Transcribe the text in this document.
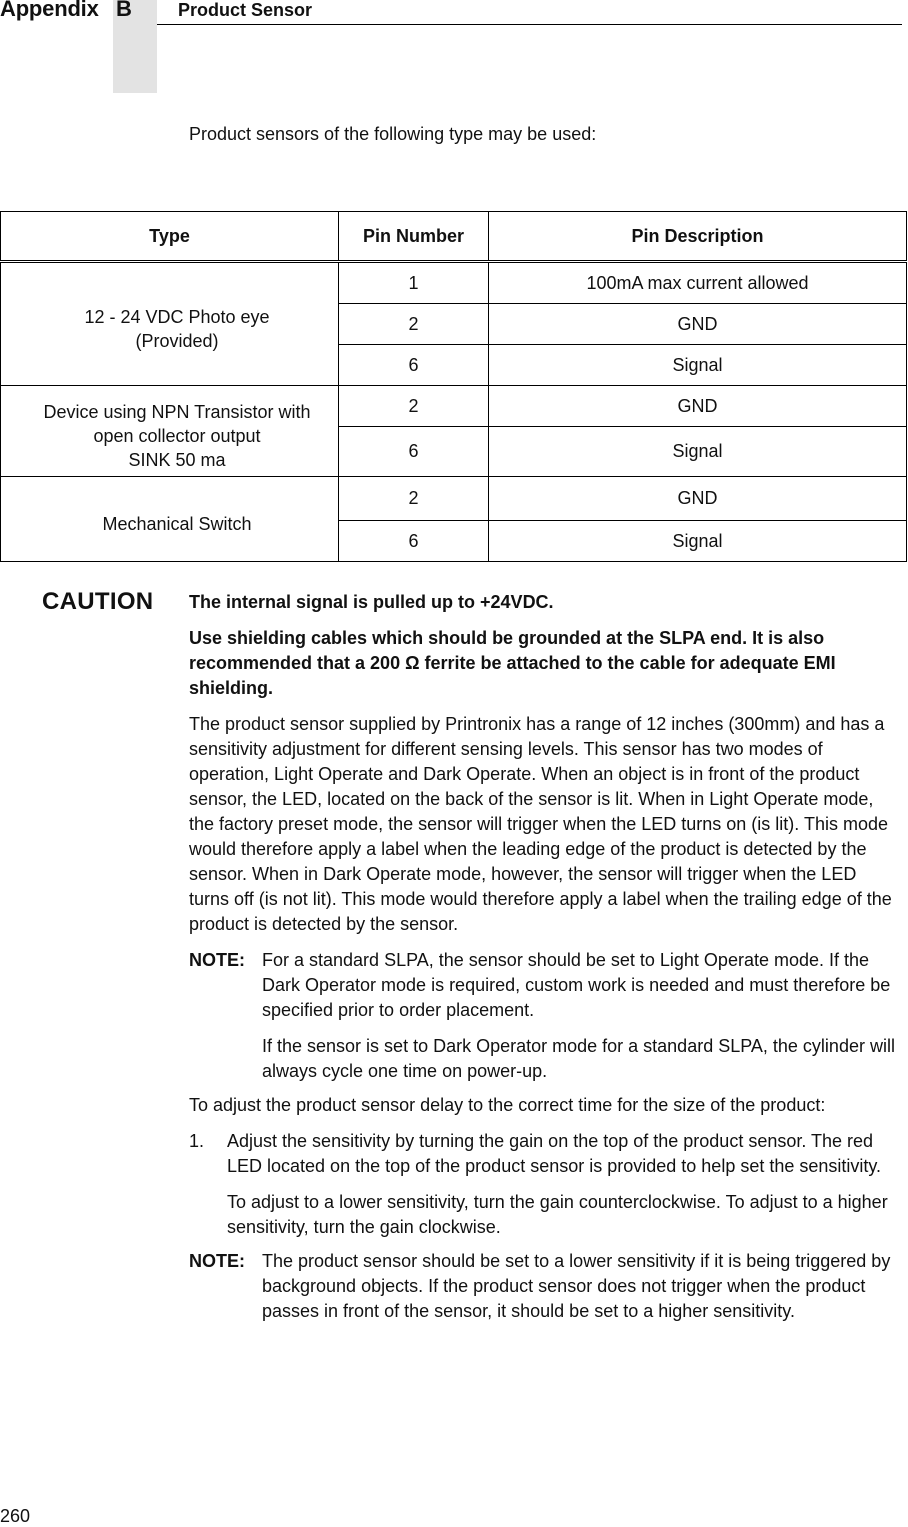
Appendix B	Product Sensor
Product sensors of the following type may be used:
Type	Pin Number	Pin Description
12 - 24 VDC Photo eye
(Provided)	1	100mA max current allowed
	2	GND
	6	Signal
Device using NPN Transistor with
open collector output
SINK 50 ma	2	GND
	6	Signal
Mechanical Switch	2	GND
	6	Signal
CAUTION The internal signal is pulled up to +24VDC.

Use shielding cables which should be grounded at the SLPA end. It is also recommended that a 200 Ω ferrite be attached to the cable for adequate EMI shielding.

The product sensor supplied by Printronix has a range of 12 inches (300mm) and has a sensitivity adjustment for different sensing levels. This sensor has two modes of operation, Light Operate and Dark Operate. When an object is in front of the product sensor, the LED, located on the back of the sensor is lit. When in Light Operate mode, the factory preset mode, the sensor will trigger when the LED turns on (is lit). This mode would therefore apply a label when the leading edge of the product is detected by the sensor. When in Dark Operate mode, however, the sensor will trigger when the LED turns off (is not lit). This mode would therefore apply a label when the trailing edge of the product is detected by the sensor.

NOTE: For a standard SLPA, the sensor should be set to Light Operate mode. If the Dark Operator mode is required, custom work is needed and must therefore be specified prior to order placement.

If the sensor is set to Dark Operator mode for a standard SLPA, the cylinder will always cycle one time on power-up.

To adjust the product sensor delay to the correct time for the size of the product:

1.	Adjust the sensitivity by turning the gain on the top of the product sensor. The red LED located on the top of the product sensor is provided to help set the sensitivity.

To adjust to a lower sensitivity, turn the gain counterclockwise. To adjust to a higher sensitivity, turn the gain clockwise.

NOTE: The product sensor should be set to a lower sensitivity if it is being triggered by background objects. If the product sensor does not trigger when the product passes in front of the sensor, it should be set to a higher sensitivity.

260
